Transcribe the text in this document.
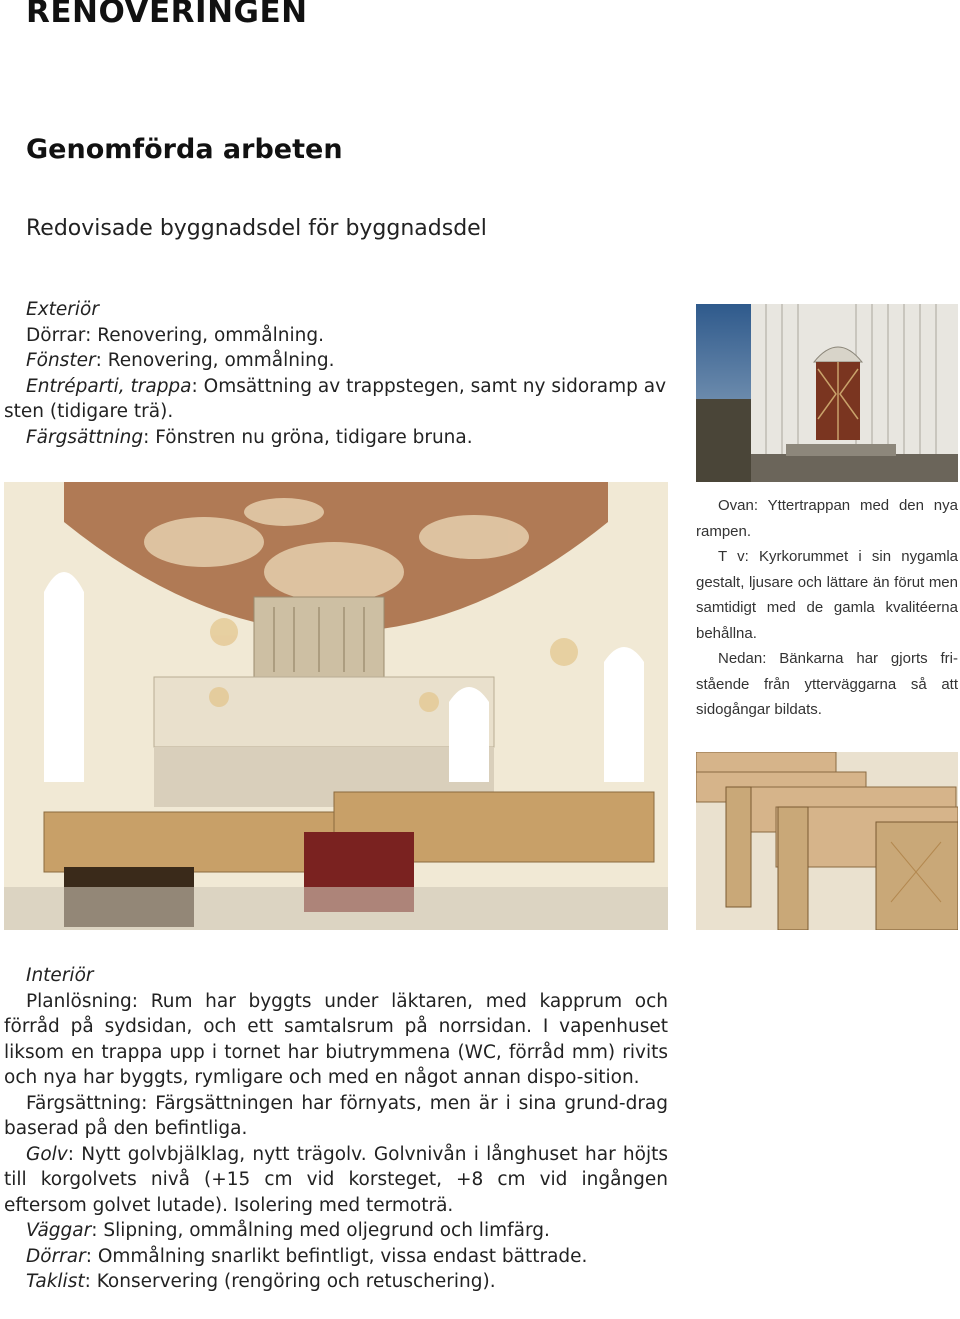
RENOVERINGEN
Genomförda arbeten
Redovisade byggnadsdel för byggnadsdel

Exteriör

Dörrar: Renovering, ommålning.

Fönster: Renovering, ommålning.

Entréparti, trappa: Omsättning av trappstegen, samt ny sidoramp av sten (tidigare trä).

Färgsättning: Fönstren nu gröna, tidigare bruna.

Ovan: Yttertrappan med den nya rampen.

T v: Kyrkorummet i sin nygamla gestalt, ljusare och lättare än förut men samtidigt med de gamla kvalitéerna behållna.

Nedan: Bänkarna har gjorts fri-stående från ytterväggarna så att sidogångar bildats.

Interiör

Planlösning: Rum har byggts under läktaren, med kapprum och förråd på sydsidan, och ett samtalsrum på norrsidan. I vapenhuset liksom en trappa upp i tornet har biutrymmena (WC, förråd mm) rivits och nya har byggts, rymligare och med en något annan dispo-sition.

Färgsättning: Färgsättningen har förnyats, men är i sina grund-drag baserad på den befintliga.

Golv: Nytt golvbjälklag, nytt trägolv. Golvnivån i långhuset har höjts till korgolvets nivå (+15 cm vid korsteget, +8 cm vid ingången eftersom golvet lutade). Isolering med termoträ.

Väggar: Slipning, ommålning med oljegrund och limfärg.

Dörrar: Ommålning snarlikt befintligt, vissa endast bättrade.

Taklist: Konservering (rengöring och retuschering).
